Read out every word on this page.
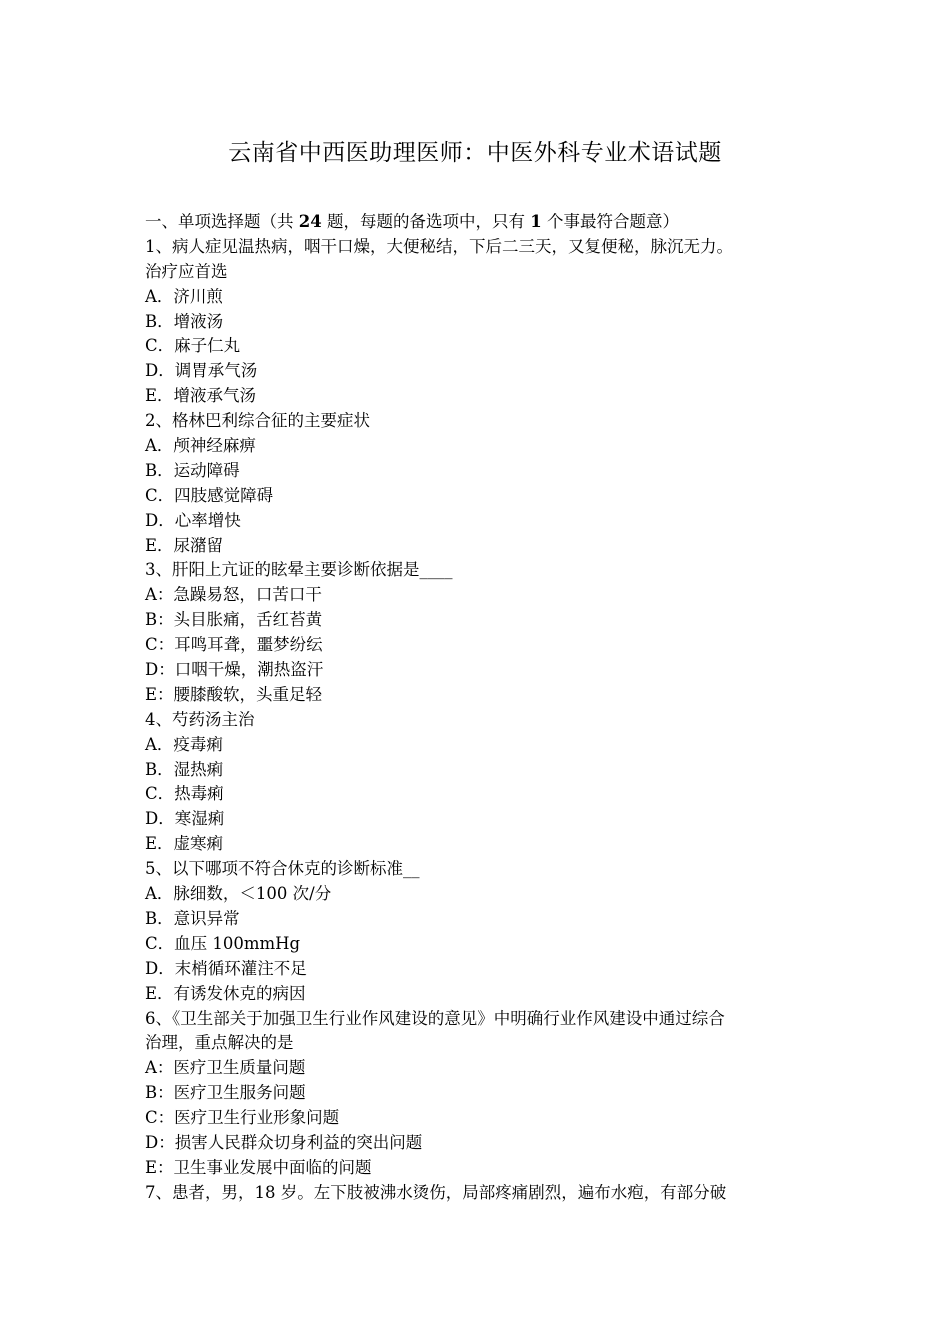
云南省中西医助理医师：中医外科专业术语试题
一、单项选择题（共 24 题，每题的备选项中，只有 1 个事最符合题意）
1、病人症见温热病，咽干口燥，大便秘结，下后二三天，又复便秘，脉沉无力。
治疗应首选
A．济川煎
B．增液汤
C．麻子仁丸
D．调胃承气汤
E．增液承气汤
2、格林巴利综合征的主要症状
A．颅神经麻痹
B．运动障碍
C．四肢感觉障碍
D．心率增快
E．尿潴留
3、肝阳上亢证的眩晕主要诊断依据是____
A：急躁易怒，口苦口干
B：头目胀痛，舌红苔黄
C：耳鸣耳聋，噩梦纷纭
D：口咽干燥，潮热盗汗
E：腰膝酸软，头重足轻
4、芍药汤主治
A．疫毒痢
B．湿热痢
C．热毒痢
D．寒湿痢
E．虚寒痢
5、以下哪项不符合休克的诊断标准__
A．脉细数，＜100 次/分
B．意识异常
C．血压 100mmHg
D．末梢循环灌注不足
E．有诱发休克的病因
6、《卫生部关于加强卫生行业作风建设的意见》中明确行业作风建设中通过综合
治理，重点解决的是
A：医疗卫生质量问题
B：医疗卫生服务问题
C：医疗卫生行业形象问题
D：损害人民群众切身利益的突出问题
E：卫生事业发展中面临的问题
7、患者，男，18 岁。左下肢被沸水烫伤，局部疼痛剧烈，遍布水疱，有部分破
